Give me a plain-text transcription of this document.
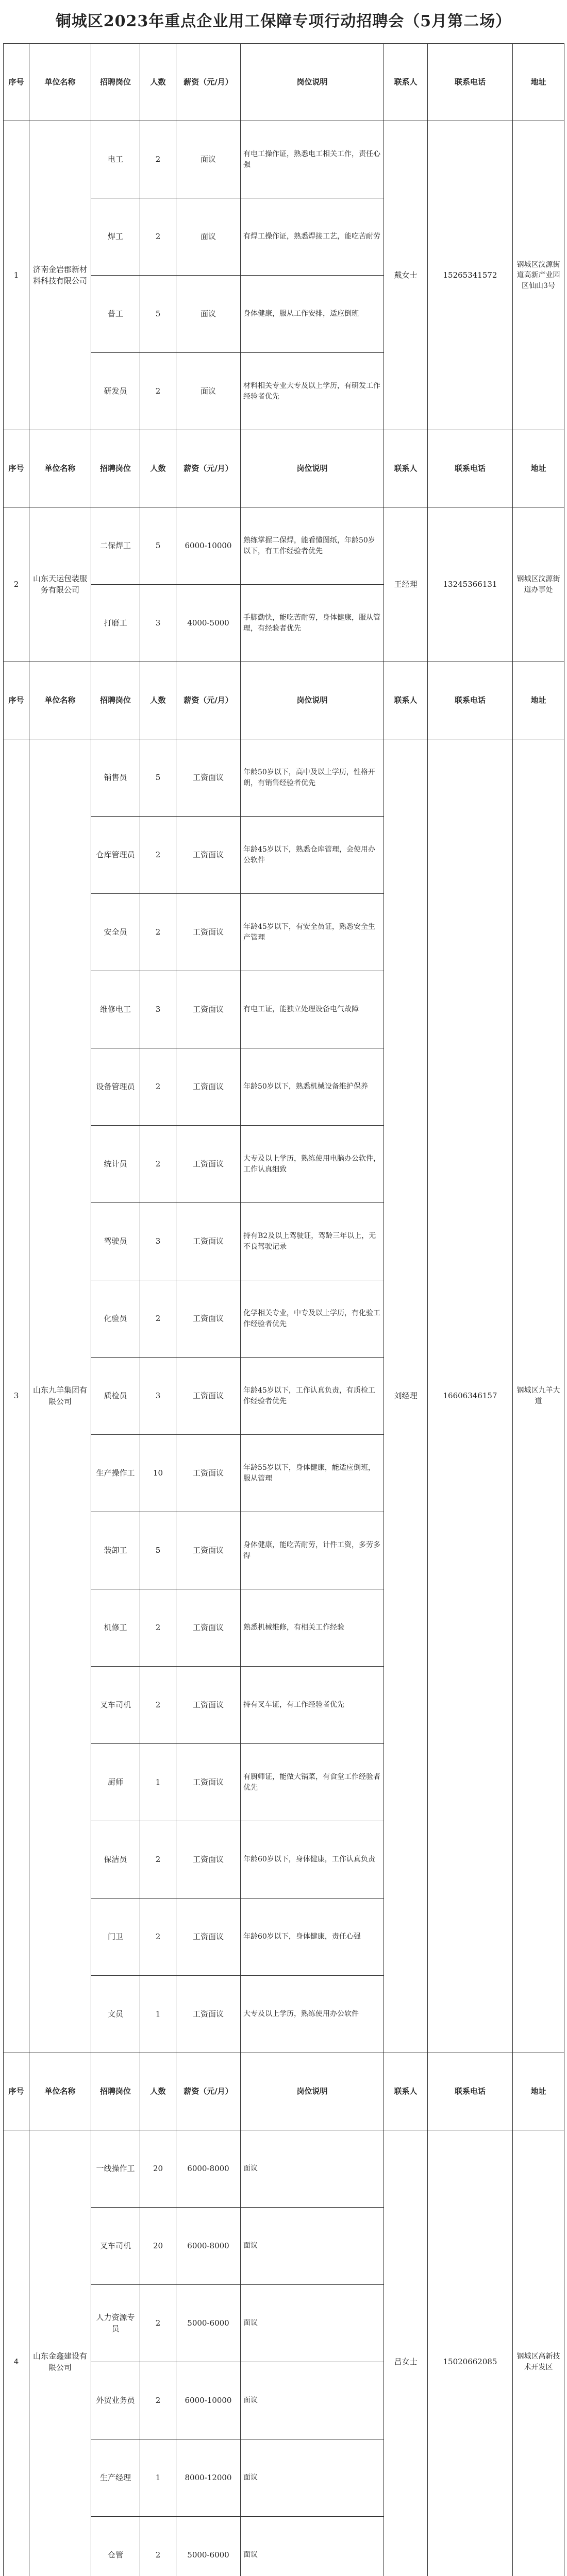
铜城区2023年重点企业用工保障专项行动招聘会（5月第二场）
序号	单位名称	招聘岗位	人数	薪资（元/月）	岗位说明	联系人	联系电话	地址
1	济南金岩郡新材料科技有限公司	电工	2	面议	有电工操作证，熟悉电工相关工作，责任心强	戴女士	15265341572	钢城区汶源街道高新产业园区仙山3号
		焊工	2	面议	有焊工操作证，熟悉焊接工艺，能吃苦耐劳			
		普工	5	面议	身体健康，服从工作安排，适应倒班			
		研发员	2	面议	材料相关专业大专及以上学历，有研发工作经验者优先			
序号	单位名称	招聘岗位	人数	薪资（元/月）	岗位说明	联系人	联系电话	地址
2	山东天运包装服务有限公司	二保焊工	5	6000-10000	熟练掌握二保焊，能看懂图纸，年龄50岁以下，有工作经验者优先	王经理	13245366131	钢城区汶源街道办事处
		打磨工	3	4000-5000	手脚勤快，能吃苦耐劳，身体健康，服从管理，有经验者优先			
序号	单位名称	招聘岗位	人数	薪资（元/月）	岗位说明	联系人	联系电话	地址
3	山东九羊集团有限公司	销售员	5	工资面议	年龄50岁以下，高中及以上学历，性格开朗，有销售经验者优先	刘经理	16606346157	钢城区九羊大道
		仓库管理员	2	工资面议	年龄45岁以下，熟悉仓库管理，会使用办公软件			
		安全员	2	工资面议	年龄45岁以下，有安全员证，熟悉安全生产管理			
		维修电工	3	工资面议	有电工证，能独立处理设备电气故障			
		设备管理员	2	工资面议	年龄50岁以下，熟悉机械设备维护保养			
		统计员	2	工资面议	大专及以上学历，熟练使用电脑办公软件，工作认真细致			
		驾驶员	3	工资面议	持有B2及以上驾驶证，驾龄三年以上，无不良驾驶记录			
		化验员	2	工资面议	化学相关专业，中专及以上学历，有化验工作经验者优先			
		质检员	3	工资面议	年龄45岁以下，工作认真负责，有质检工作经验者优先			
		生产操作工	10	工资面议	年龄55岁以下，身体健康，能适应倒班，服从管理			
		装卸工	5	工资面议	身体健康，能吃苦耐劳，计件工资，多劳多得			
		机修工	2	工资面议	熟悉机械维修，有相关工作经验			
		叉车司机	2	工资面议	持有叉车证，有工作经验者优先			
		厨师	1	工资面议	有厨师证，能做大锅菜，有食堂工作经验者优先			
		保洁员	2	工资面议	年龄60岁以下，身体健康，工作认真负责			
		门卫	2	工资面议	年龄60岁以下，身体健康，责任心强			
		文员	1	工资面议	大专及以上学历，熟练使用办公软件			
序号	单位名称	招聘岗位	人数	薪资（元/月）	岗位说明	联系人	联系电话	地址
4	山东金鑫建设有限公司	一线操作工	20	6000-8000	面议	吕女士	15020662085	钢城区高新技术开发区
		叉车司机	20	6000-8000	面议			
		人力资源专员	2	5000-6000	面议			
		外贸业务员	2	6000-10000	面议			
		生产经理	1	8000-12000	面议			
		仓管	2	5000-6000	面议			
